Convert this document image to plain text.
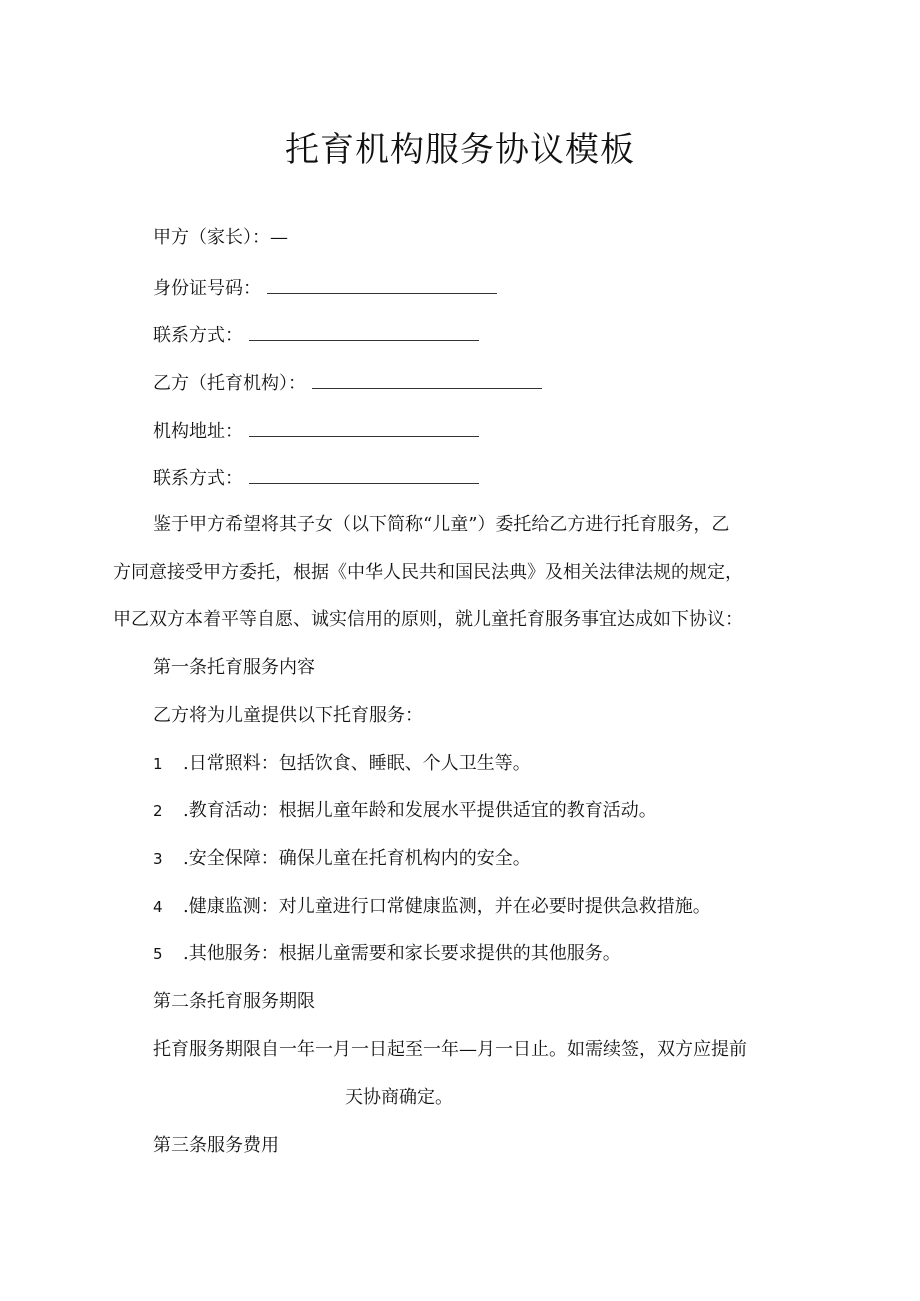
托育机构服务协议模板
甲方（家长）：—
身份证号码：
联系方式：
乙方（托育机构）：
机构地址：
联系方式：
鉴于甲方希望将其子女（以下简称“儿童”）委托给乙方进行托育服务，乙
方同意接受甲方委托，根据《中华人民共和国民法典》及相关法律法规的规定，
甲乙双方本着平等自愿、诚实信用的原则，就儿童托育服务事宜达成如下协议：
第一条托育服务内容
乙方将为儿童提供以下托育服务：
1 .日常照料：包括饮食、睡眠、个人卫生等。
2 .教育活动：根据儿童年龄和发展水平提供适宜的教育活动。
3 .安全保障：确保儿童在托育机构内的安全。
4 .健康监测：对儿童进行口常健康监测，并在必要时提供急救措施。
5 .其他服务：根据儿童需要和家长要求提供的其他服务。
第二条托育服务期限
托育服务期限自一年一月一日起至一年—月一日止。如需续签，双方应提前
天协商确定。
第三条服务费用
